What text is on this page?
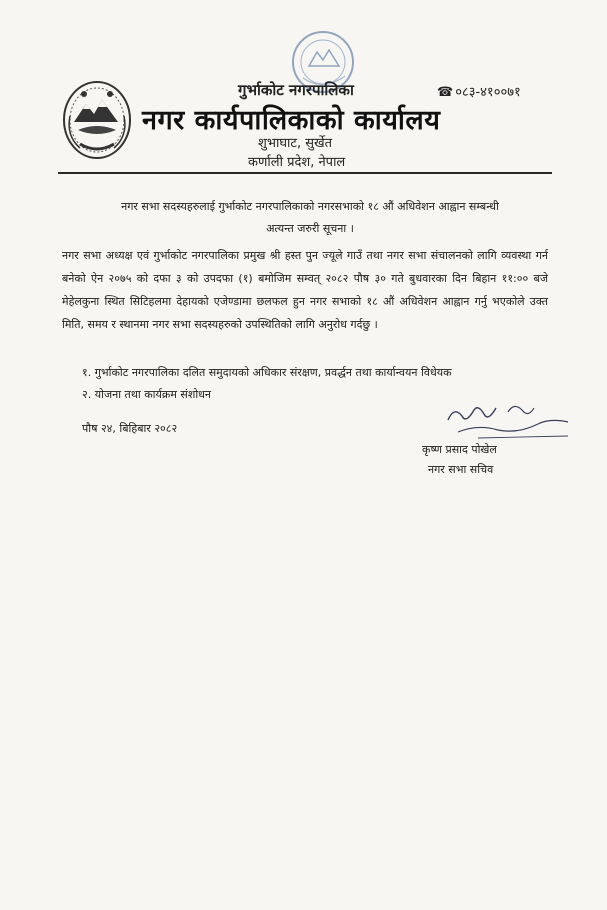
गुर्भाकोट नगरपालिका	☎ ०८३-४१००७१
नगर कार्यपालिकाको कार्यालय
शुभाघाट, सुर्खेत
कर्णाली प्रदेश, नेपाल
नगर सभा सदस्यहरुलाई गुर्भाकोट नगरपालिकाको नगरसभाको १८ औं अधिवेशन आह्वान सम्बन्धी
अत्यन्त जरुरी सूचना ।
नगर सभा अध्यक्ष एवं गुर्भाकोट नगरपालिका प्रमुख श्री हस्त पुन ज्यूले गाउँ तथा नगर सभा संचालनको लागि व्यवस्था गर्न बनेको ऐन २०७५ को दफा ३ को उपदफा (१) बमोजिम सम्वत् २०८२ पौष ३० गते बुधवारका दिन बिहान ११:०० बजे मेहेलकुना स्थित सिटिहलमा देहायको एजेण्डामा छलफल हुन नगर सभाको १८ औं अधिवेशन आह्वान गर्नु भएकोले उक्त मिति, समय र स्थानमा नगर सभा सदस्यहरुको उपस्थितिको लागि अनुरोध गर्दछु ।
१. गुर्भाकोट नगरपालिका दलित समुदायको अधिकार संरक्षण, प्रवर्द्धन तथा कार्यान्वयन विधेयक
२. योजना तथा कार्यक्रम संशोधन
पौष २४, बिहिबार २०८२
कृष्ण प्रसाद पोखेल
नगर सभा सचिव
